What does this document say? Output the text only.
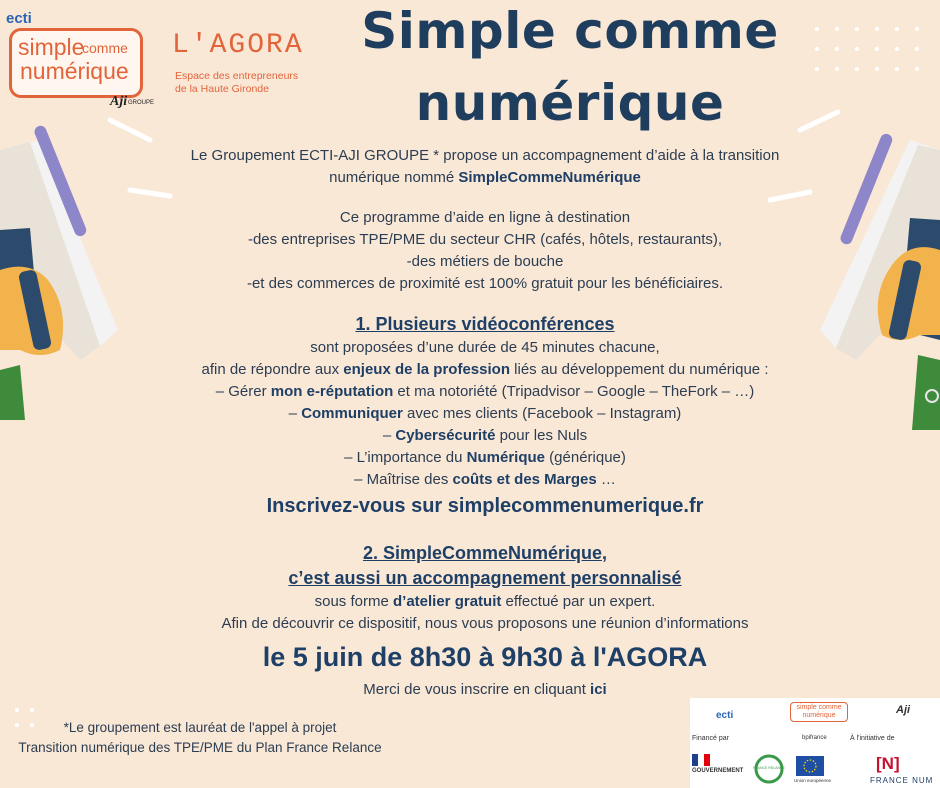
ecti
simple
comme
numérique
Aji GROUPE
L'AGORA
Espace des entrepreneurs
de la Haute Gironde
Simple comme
numérique
Le Groupement ECTI-AJI GROUPE * propose un accompagnement d’aide à la transition
numérique nommé SimpleCommeNumérique
Ce programme d’aide en ligne à destination
-des entreprises TPE/PME du secteur CHR (cafés, hôtels, restaurants),
-des métiers de bouche
-et des commerces de proximité est 100% gratuit pour les bénéficiaires.
1. Plusieurs vidéoconférences
sont proposées d’une durée de 45 minutes chacune,
afin de répondre aux enjeux de la profession liés au développement du numérique :
– Gérer mon e-réputation et ma notoriété (Tripadvisor – Google – TheFork – …)
– Communiquer avec mes clients (Facebook – Instagram)
– Cybersécurité pour les Nuls
– L’importance du Numérique (générique)
– Maîtrise des coûts et des Marges …
Inscrivez-vous sur simplecommenumerique.fr
2. SimpleCommeNumérique,
c’est aussi un accompagnement personnalisé
sous forme d’atelier gratuit effectué par un expert.
Afin de découvrir ce dispositif, nous vous proposons une réunion d’informations
le 5 juin de 8h30 à 9h30 à l'AGORA
Merci de vous inscrire en cliquant ici
*Le groupement est lauréat de l'appel à projet
Transition numérique des TPE/PME du Plan France Relance
ecti
simple comme numérique	Aji
Financé par	bpifrance	À l'initiative de
GOUVERNEMENT	FRANCE RELANCE
Union européenne
[N]
FRANCE NUM
